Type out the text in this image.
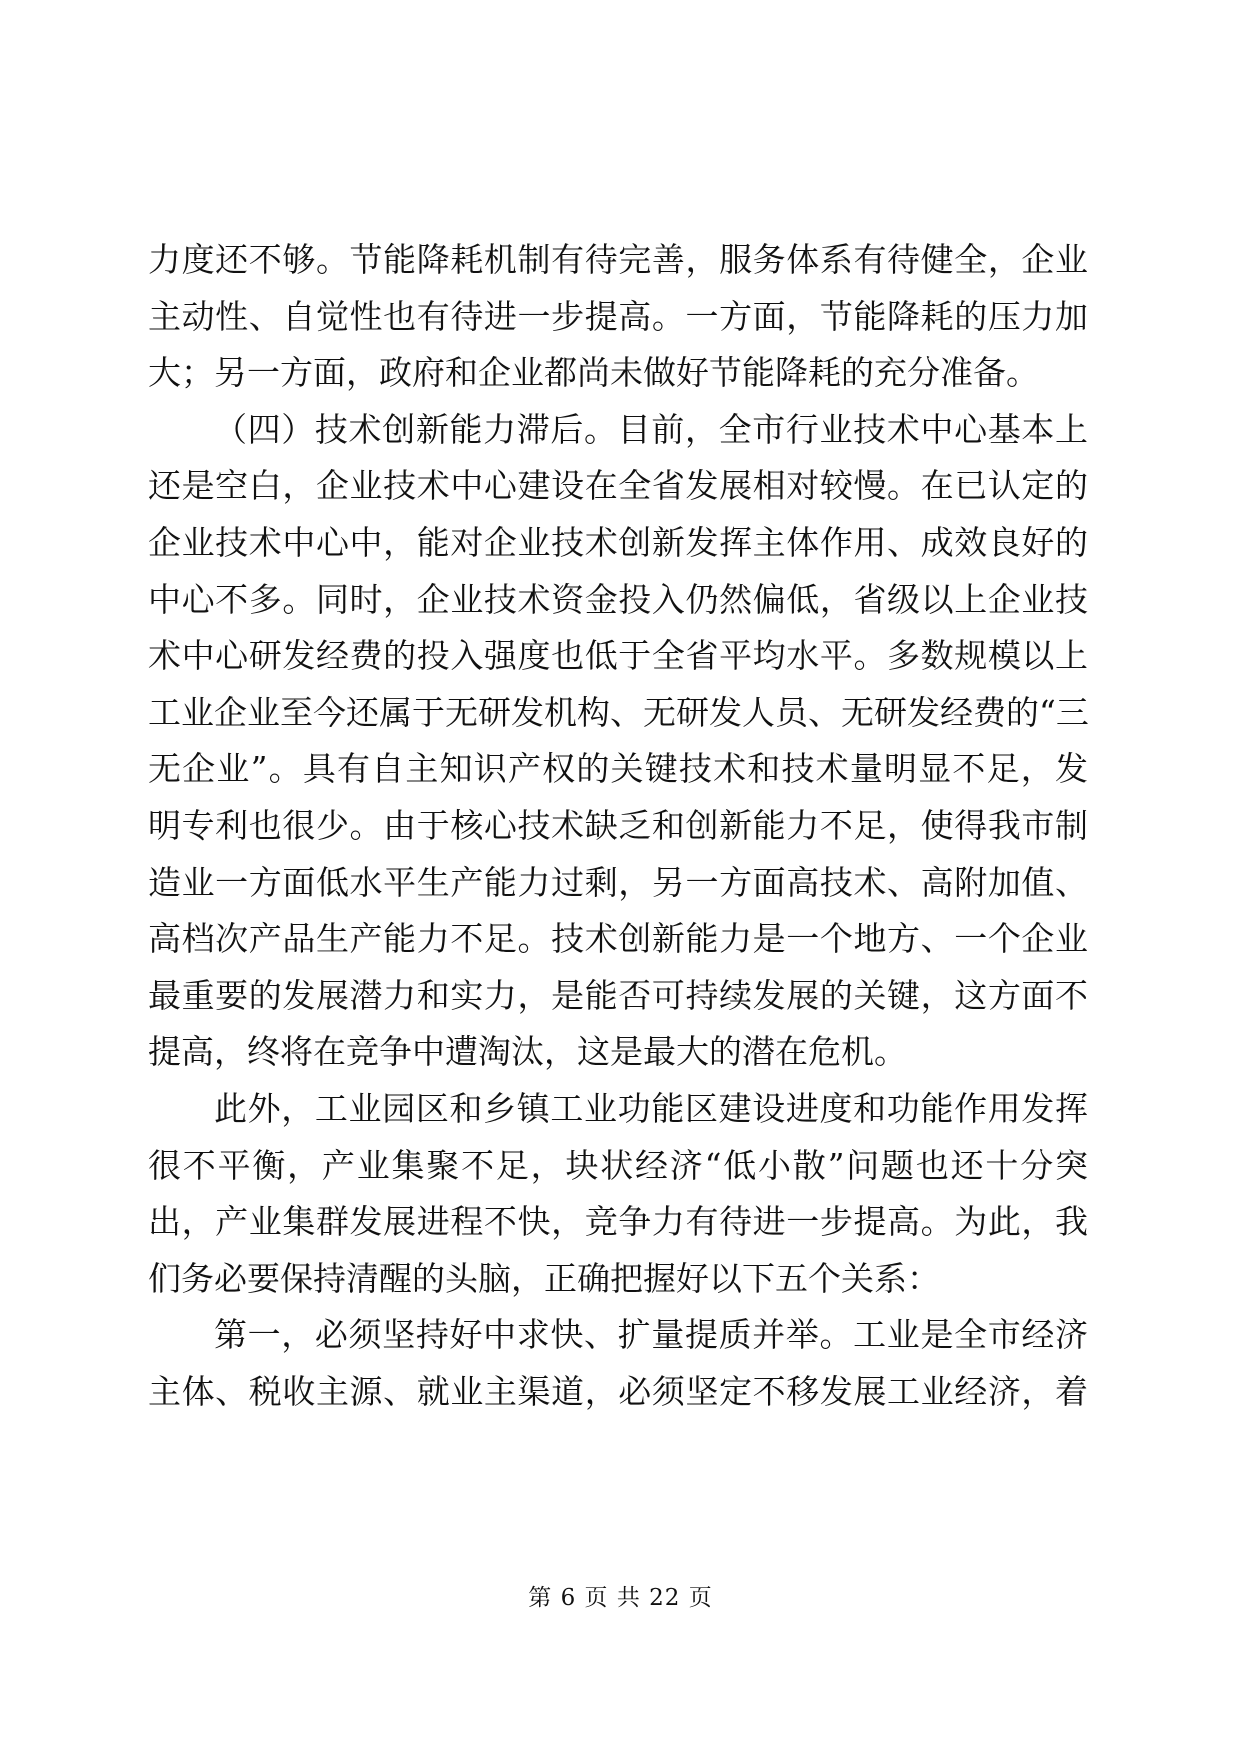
力度还不够。节能降耗机制有待完善，服务体系有待健全，企业
主动性、自觉性也有待进一步提高。一方面，节能降耗的压力加
大；另一方面，政府和企业都尚未做好节能降耗的充分准备。
（四）技术创新能力滞后。目前，全市行业技术中心基本上
还是空白，企业技术中心建设在全省发展相对较慢。在已认定的
企业技术中心中，能对企业技术创新发挥主体作用、成效良好的
中心不多。同时，企业技术资金投入仍然偏低，省级以上企业技
术中心研发经费的投入强度也低于全省平均水平。多数规模以上
工业企业至今还属于无研发机构、无研发人员、无研发经费的“三
无企业”。具有自主知识产权的关键技术和技术量明显不足，发
明专利也很少。由于核心技术缺乏和创新能力不足，使得我市制
造业一方面低水平生产能力过剩，另一方面高技术、高附加值、
高档次产品生产能力不足。技术创新能力是一个地方、一个企业
最重要的发展潜力和实力，是能否可持续发展的关键，这方面不
提高，终将在竞争中遭淘汰，这是最大的潜在危机。
此外，工业园区和乡镇工业功能区建设进度和功能作用发挥
很不平衡，产业集聚不足，块状经济“低小散”问题也还十分突
出，产业集群发展进程不快，竞争力有待进一步提高。为此，我
们务必要保持清醒的头脑，正确把握好以下五个关系：
第一，必须坚持好中求快、扩量提质并举。工业是全市经济
主体、税收主源、就业主渠道，必须坚定不移发展工业经济，着
第 6 页 共 22 页
